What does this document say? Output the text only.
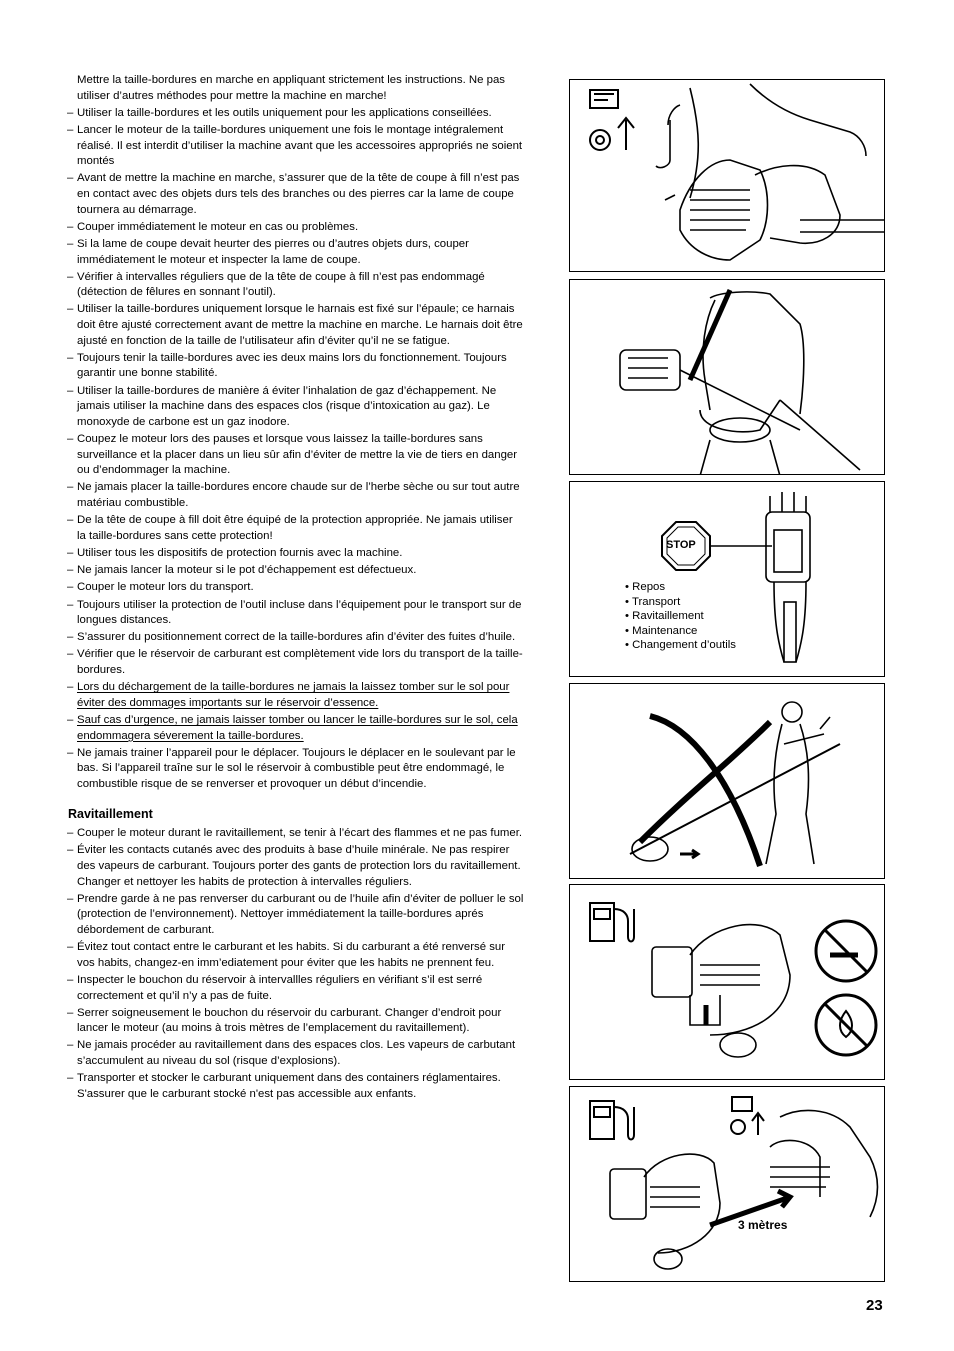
Mettre la taille-bordures en marche en appliquant strictement les instructions. Ne pas utiliser d’autres méthodes pour mettre la machine en marche!
– Utiliser la taille-bordures et les outils uniquement pour les applications conseillées.
– Lancer le moteur de la taille-bordures uniquement une fois le montage intégralement réalisé. Il est interdit d’utiliser la machine avant que les accessoires appropriés ne soient montés
– Avant de mettre la machine en marche, s’assurer que de la tête de coupe à fill n’est pas en contact avec des objets durs tels des branches ou des pierres car la lame de coupe tournera au démarrage.
– Couper immédiatement le moteur en cas ou problèmes.
– Si la lame de coupe devait heurter des pierres ou d’autres objets durs, couper immédiatement le moteur et inspecter la lame de coupe.
– Vérifier à intervalles réguliers que de la tête de coupe à fill n’est pas endommagé (détection de fêlures en sonnant l’outil).
– Utiliser la taille-bordures uniquement lorsque le harnais est fixé sur l’épaule; ce harnais doit être ajusté correctement avant de mettre la machine en marche. Le harnais doit être ajusté en fonction de la taille de l’utilisateur afin d’éviter qu’il ne se fatigue.
– Toujours tenir la taille-bordures avec ies deux mains lors du fonctionnement. Toujours garantir une bonne stabilité.
– Utiliser la taille-bordures de manière á éviter l’inhalation de gaz d’échappement. Ne jamais utiliser la machine dans des espaces clos (risque d’intoxication au gaz). Le monoxyde de carbone est un gaz inodore.
– Coupez le moteur lors des pauses et lorsque vous laissez la taille-bordures sans surveillance et la placer dans un lieu sûr afin d’éviter de mettre la vie de tiers en danger ou d’endommager la machine.
– Ne jamais placer la taille-bordures encore chaude sur de l’herbe sèche ou sur tout autre matériau combustible.
– De la tête de coupe à fill doit être équipé de la protection appropriée. Ne jamais utiliser la taille-bordures sans cette protection!
– Utiliser tous les dispositifs de protection fournis avec la machine.
– Ne jamais lancer la moteur si le pot d’échappement est défectueux.
– Couper le moteur lors du transport.
– Toujours utiliser la protection de l’outil incluse dans l’équipement pour le transport sur de longues distances.
– S’assurer du positionnement correct de la taille-bordures afin d’éviter des fuites d’huile.
– Vérifier que le réservoir de carburant est complètement vide lors du transport de la taille-bordures.
– Lors du déchargement de la taille-bordures ne jamais la laissez tomber sur le sol pour éviter des dommages importants sur le réservoir d’essence.
– Sauf cas d’urgence, ne jamais laisser tomber ou lancer le taille-bordures sur le sol, cela endommagera séverement la taille-bordures.
– Ne jamais trainer l’appareil pour le déplacer. Toujours le déplacer en le soulevant par le bas. Si l’appareil traîne sur le sol le réservoir à combustible peut être endommagé, le combustible risque de se renverser et provoquer un début d’incendie.
Ravitaillement
– Couper le moteur durant le ravitaillement, se tenir à l’écart des flammes et ne pas fumer.
– Éviter les contacts cutanés avec des produits à base d’huile minérale. Ne pas respirer des vapeurs de carburant. Toujours porter des gants de protection lors du ravitaillement. Changer et nettoyer les habits de protection à intervalles réguliers.
– Prendre garde à ne pas renverser du carburant ou de l’huile afin d’éviter de polluer le sol (protection de l’environnement). Nettoyer immédiatement la taille-bordures aprés débordement de carburant.
– Évitez tout contact entre le carburant et les habits. Si du carburant a été renversé sur vos habits, changez-en imm’ediatement pour éviter que les habits ne prennent feu.
– Inspecter le bouchon du réservoir à intervallles réguliers en vérifiant s’il est serré correctement et qu’il n’y a pas de fuite.
– Serrer soigneusement le bouchon du réservoir du carburant. Changer d’endroit pour lancer le moteur (au moins à trois mètres de l’emplacement du ravitaillement).
– Ne jamais procéder au ravitaillement dans des espaces clos. Les vapeurs de carbutant s’accumulent au niveau du sol (risque d’explosions).
– Transporter et stocker le carburant uniquement dans des containers réglamentaires. S'assurer que le carburant stocké n'est pas accessible aux enfants.
STOP
• Repos
• Transport
• Ravitaillement
• Maintenance
• Changement d’outils
3 mètres
23
